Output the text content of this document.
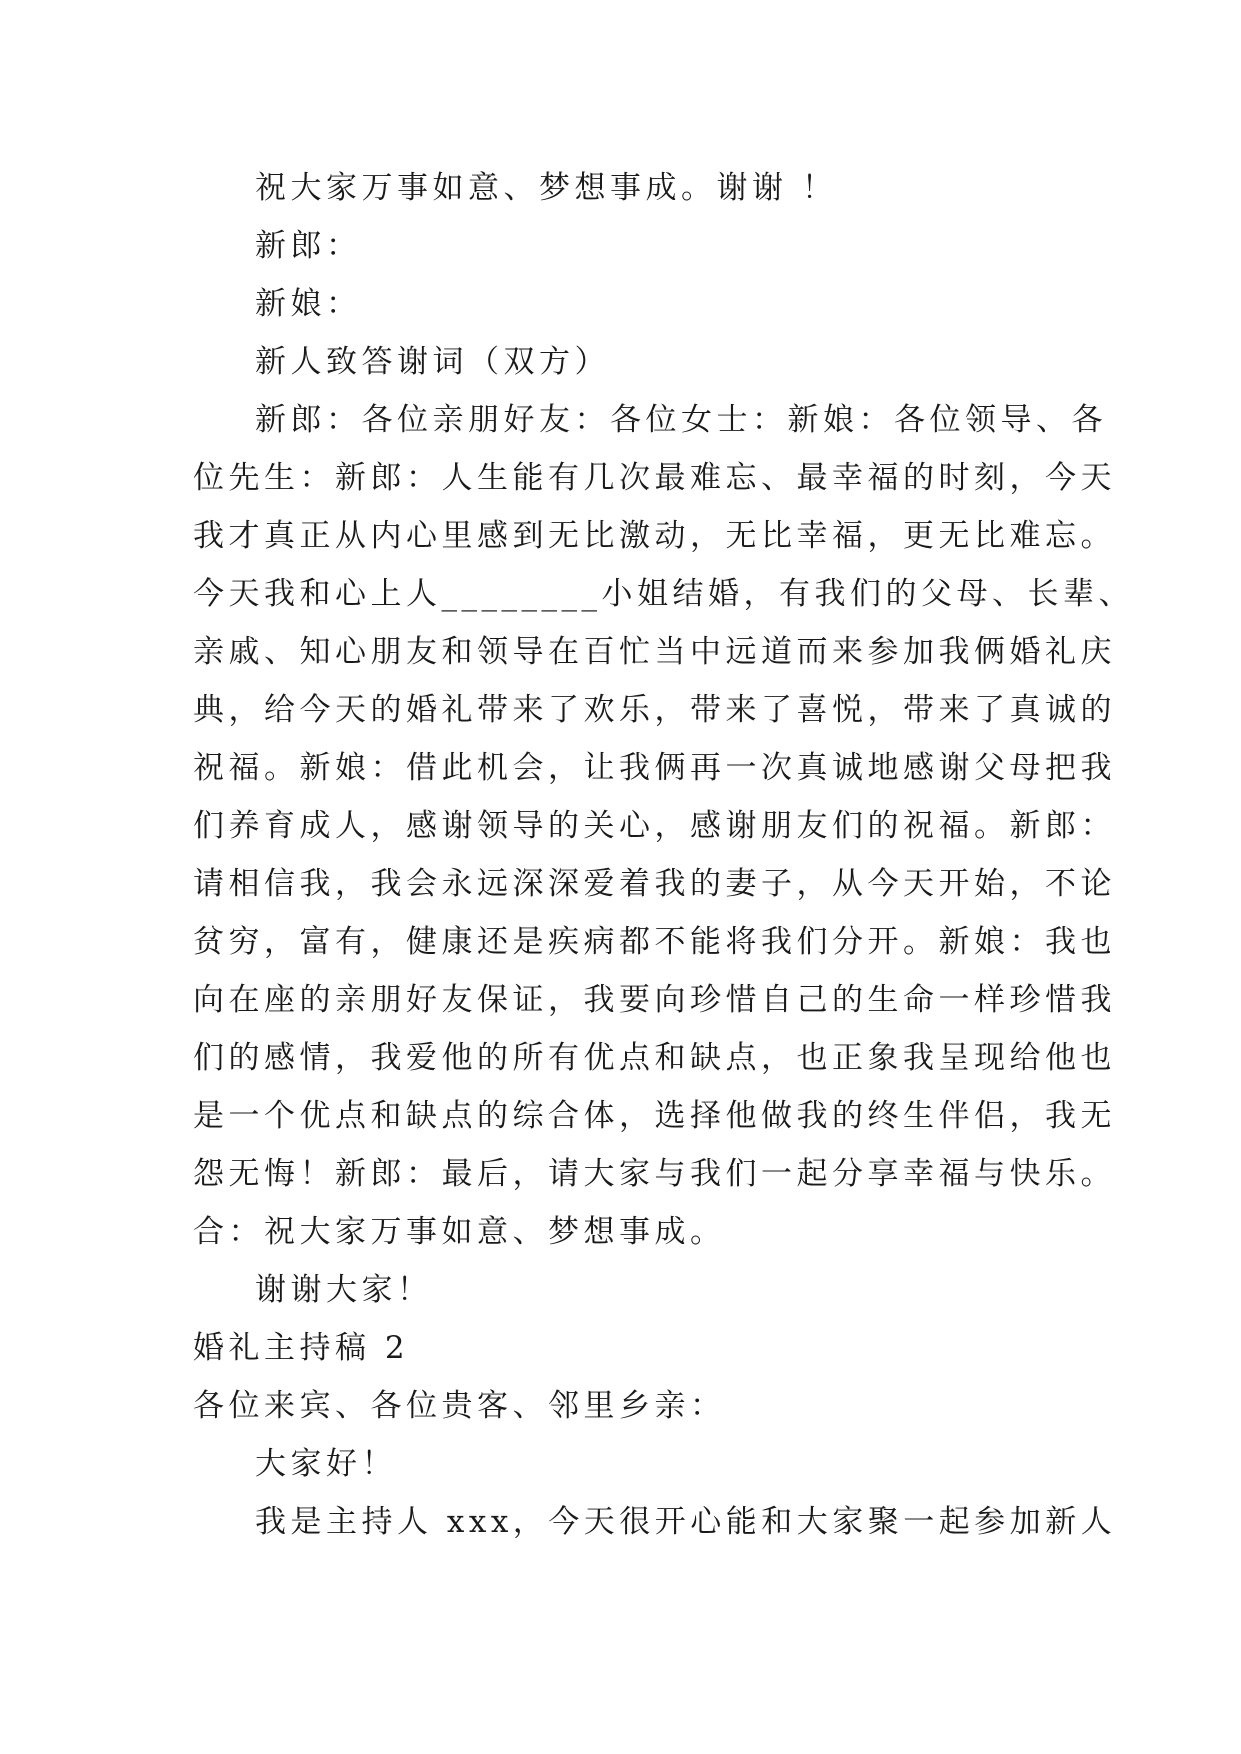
祝大家万事如意、梦想事成。谢谢 ！

新郎：

新娘：

新人致答谢词（双方）

新郎：各位亲朋好友：各位女士：新娘：各位领导、各

位先生：新郎：人生能有几次最难忘、最幸福的时刻，今天

我才真正从内心里感到无比激动，无比幸福，更无比难忘。

今天我和心上人________小姐结婚，有我们的父母、长辈、

亲戚、知心朋友和领导在百忙当中远道而来参加我俩婚礼庆

典，给今天的婚礼带来了欢乐，带来了喜悦，带来了真诚的

祝福。新娘：借此机会，让我俩再一次真诚地感谢父母把我

们养育成人，感谢领导的关心，感谢朋友们的祝福。新郎：

请相信我，我会永远深深爱着我的妻子，从今天开始，不论

贫穷，富有，健康还是疾病都不能将我们分开。新娘：我也

向在座的亲朋好友保证，我要向珍惜自己的生命一样珍惜我

们的感情，我爱他的所有优点和缺点，也正象我呈现给他也

是一个优点和缺点的综合体，选择他做我的终生伴侣，我无

怨无悔！新郎：最后，请大家与我们一起分享幸福与快乐。

合：祝大家万事如意、梦想事成。

谢谢大家！

婚礼主持稿 2

各位来宾、各位贵客、邻里乡亲：

大家好！

我是主持人 xxx，今天很开心能和大家聚一起参加新人
